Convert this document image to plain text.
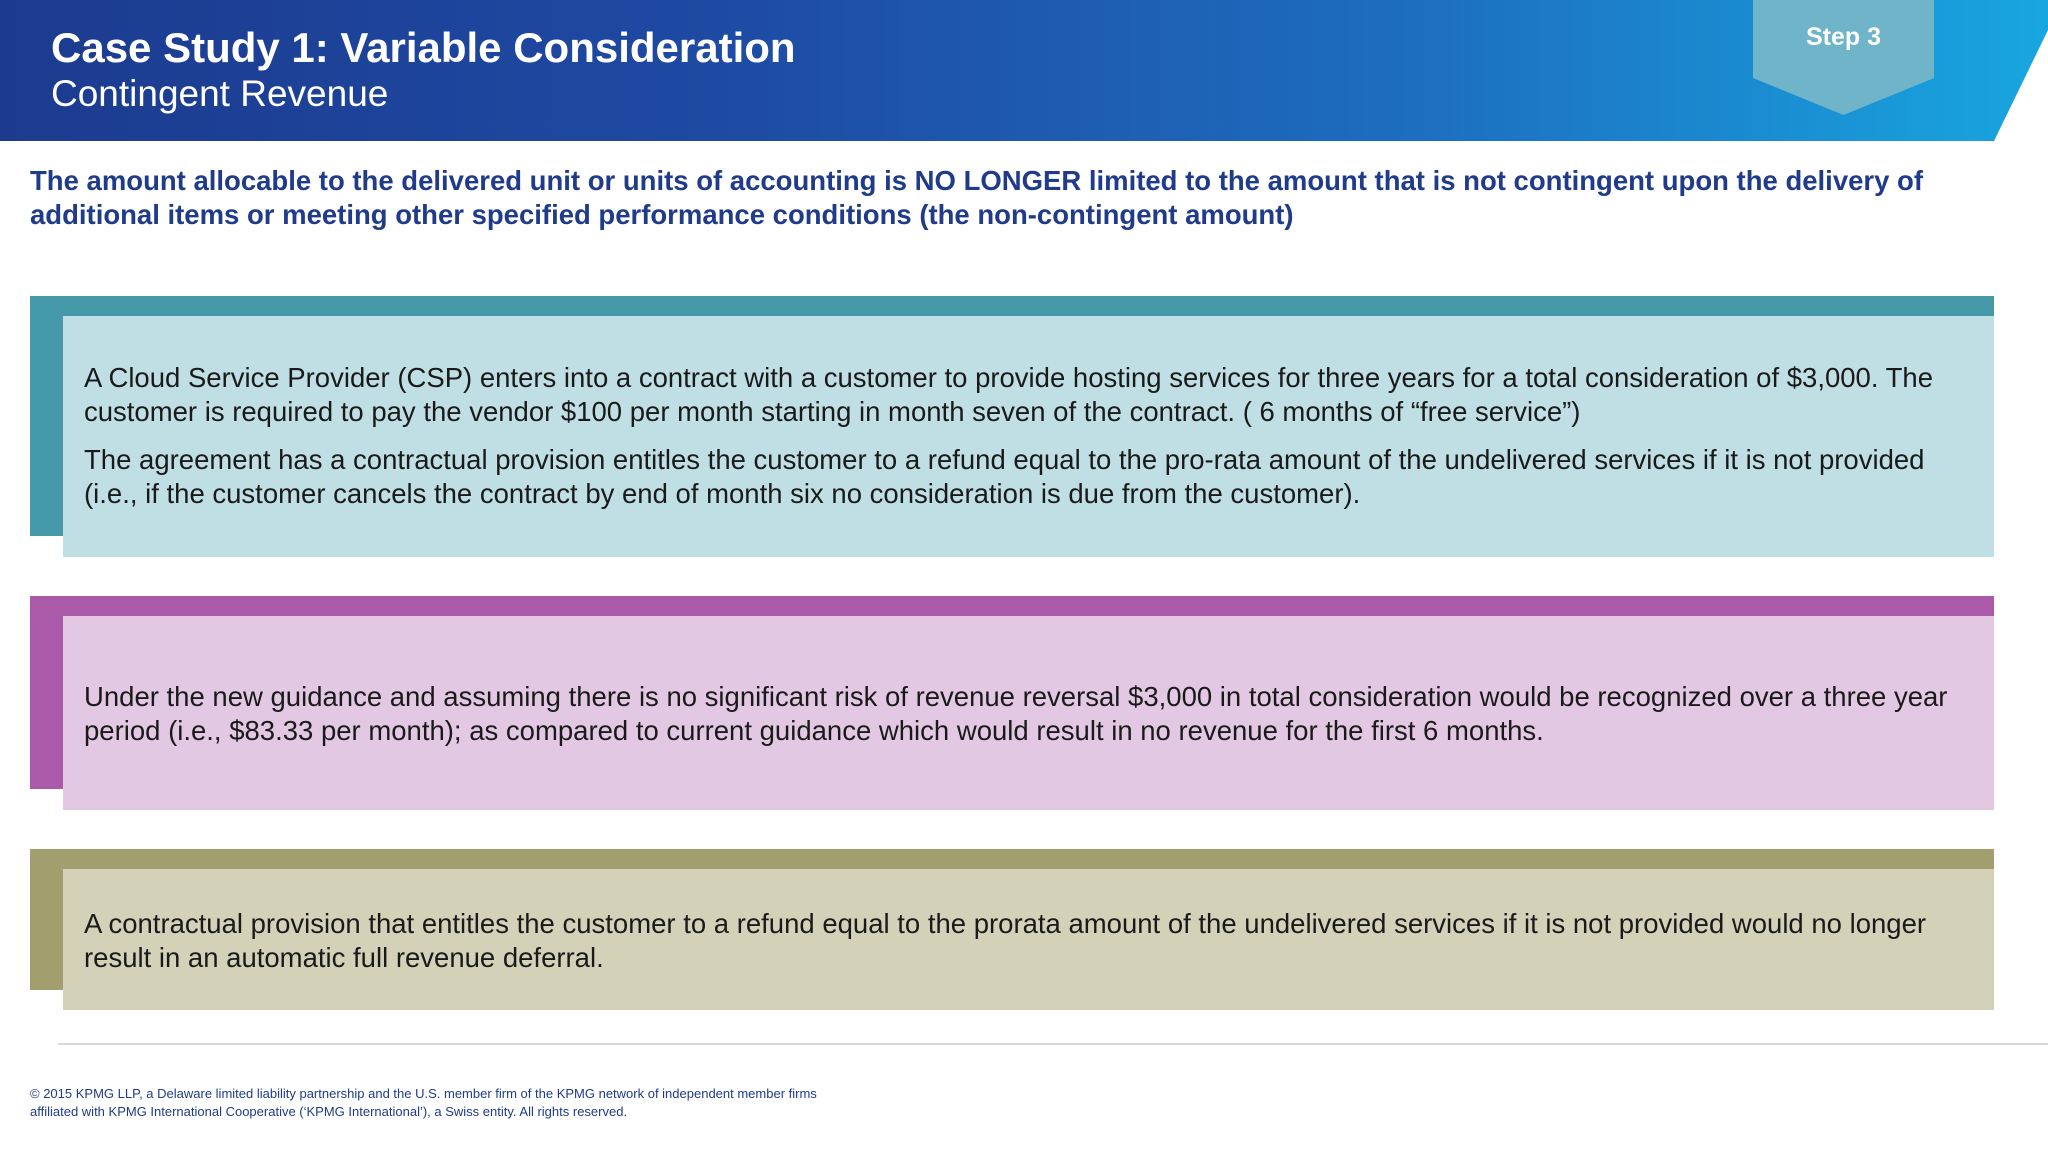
Case Study 1: Variable Consideration
Contingent Revenue
Step 3
The amount allocable to the delivered unit or units of accounting is NO LONGER limited to the amount that is not contingent upon the delivery of additional items or meeting other specified performance conditions (the non-contingent amount)

A Cloud Service Provider (CSP) enters into a contract with a customer to provide hosting services for three years for a total consideration of $3,000. The customer is required to pay the vendor $100 per month starting in month seven of the contract. ( 6 months of “free service”)

The agreement has a contractual provision entitles the customer to a refund equal to the pro-rata amount of the undelivered services if it is not provided (i.e., if the customer cancels the contract by end of month six no consideration is due from the customer).

Under the new guidance and assuming there is no significant risk of revenue reversal $3,000 in total consideration would be recognized over a three year period (i.e., $83.33 per month); as compared to current guidance which would result in no revenue for the first 6 months.

A contractual provision that entitles the customer to a refund equal to the prorata amount of the undelivered services if it is not provided would no longer result in an automatic full revenue deferral.

© 2015 KPMG LLP, a Delaware limited liability partnership and the U.S. member firm of the KPMG network of independent member firms
affiliated with KPMG International Cooperative (‘KPMG International’), a Swiss entity. All rights reserved.
